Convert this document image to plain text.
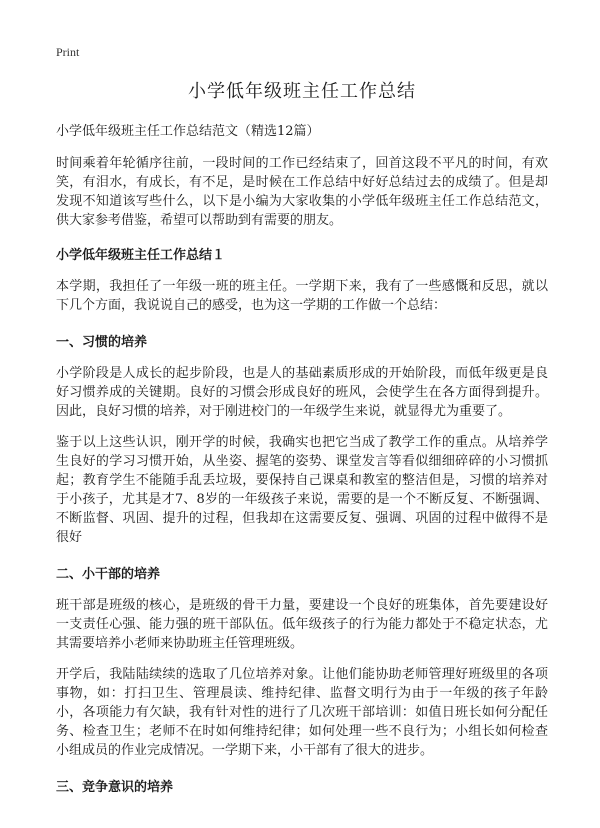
Print
小学低年级班主任工作总结
小学低年级班主任工作总结范文（精选12篇）

时间乘着年轮循序往前，一段时间的工作已经结束了，回首这段不平凡的时间，有欢笑，有泪水，有成长，有不足，是时候在工作总结中好好总结过去的成绩了。但是却发现不知道该写些什么，以下是小编为大家收集的小学低年级班主任工作总结范文，供大家参考借鉴，希望可以帮助到有需要的朋友。

小学低年级班主任工作总结１

本学期，我担任了一年级一班的班主任。一学期下来，我有了一些感慨和反思，就以下几个方面，我说说自己的感受，也为这一学期的工作做一个总结：

一、习惯的培养

小学阶段是人成长的起步阶段，也是人的基础素质形成的开始阶段，而低年级更是良好习惯养成的关键期。良好的习惯会形成良好的班风，会使学生在各方面得到提升。因此，良好习惯的培养，对于刚进校门的一年级学生来说，就显得尤为重要了。

鉴于以上这些认识，刚开学的时候，我确实也把它当成了教学工作的重点。从培养学生良好的学习习惯开始，从坐姿、握笔的姿势、课堂发言等看似细细碎碎的小习惯抓起；教育学生不能随手乱丢垃圾，要保持自己课桌和教室的整洁但是，习惯的培养对于小孩子，尤其是才7、8岁的一年级孩子来说，需要的是一个不断反复、不断强调、不断监督、巩固、提升的过程，但我却在这需要反复、强调、巩固的过程中做得不是很好

二、小干部的培养

班干部是班级的核心，是班级的骨干力量，要建设一个良好的班集体，首先要建设好一支责任心强、能力强的班干部队伍。低年级孩子的行为能力都处于不稳定状态，尤其需要培养小老师来协助班主任管理班级。

开学后，我陆陆续续的选取了几位培养对象。让他们能协助老师管理好班级里的各项事物，如：打扫卫生、管理晨读、维持纪律、监督文明行为由于一年级的孩子年龄小，各项能力有欠缺，我有针对性的进行了几次班干部培训：如值日班长如何分配任务、检查卫生；老师不在时如何维持纪律；如何处理一些不良行为；小组长如何检查小组成员的作业完成情况。一学期下来，小干部有了很大的进步。

三、竞争意识的培养
